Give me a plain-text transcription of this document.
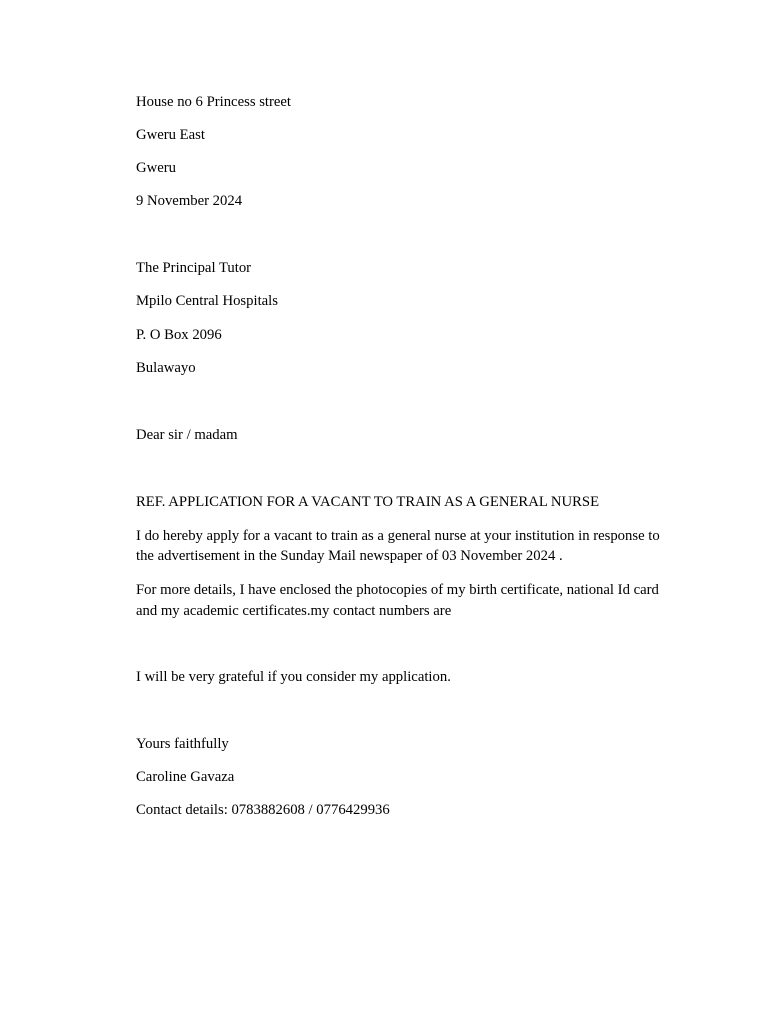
House no 6 Princess street
Gweru East
Gweru
9 November 2024
The Principal Tutor
Mpilo Central Hospitals
P. O Box 2096
Bulawayo
Dear sir / madam
REF. APPLICATION FOR A VACANT TO TRAIN AS A GENERAL NURSE
I do hereby apply for a vacant to train as a general nurse at your institution in response to
the advertisement in the Sunday Mail newspaper of 03 November 2024 .
For more details, I have enclosed the photocopies of my birth certificate, national Id card
and my academic certificates.my contact numbers are
I will be very grateful if you consider my application.
Yours faithfully
Caroline Gavaza
Contact details: 0783882608 / 0776429936
